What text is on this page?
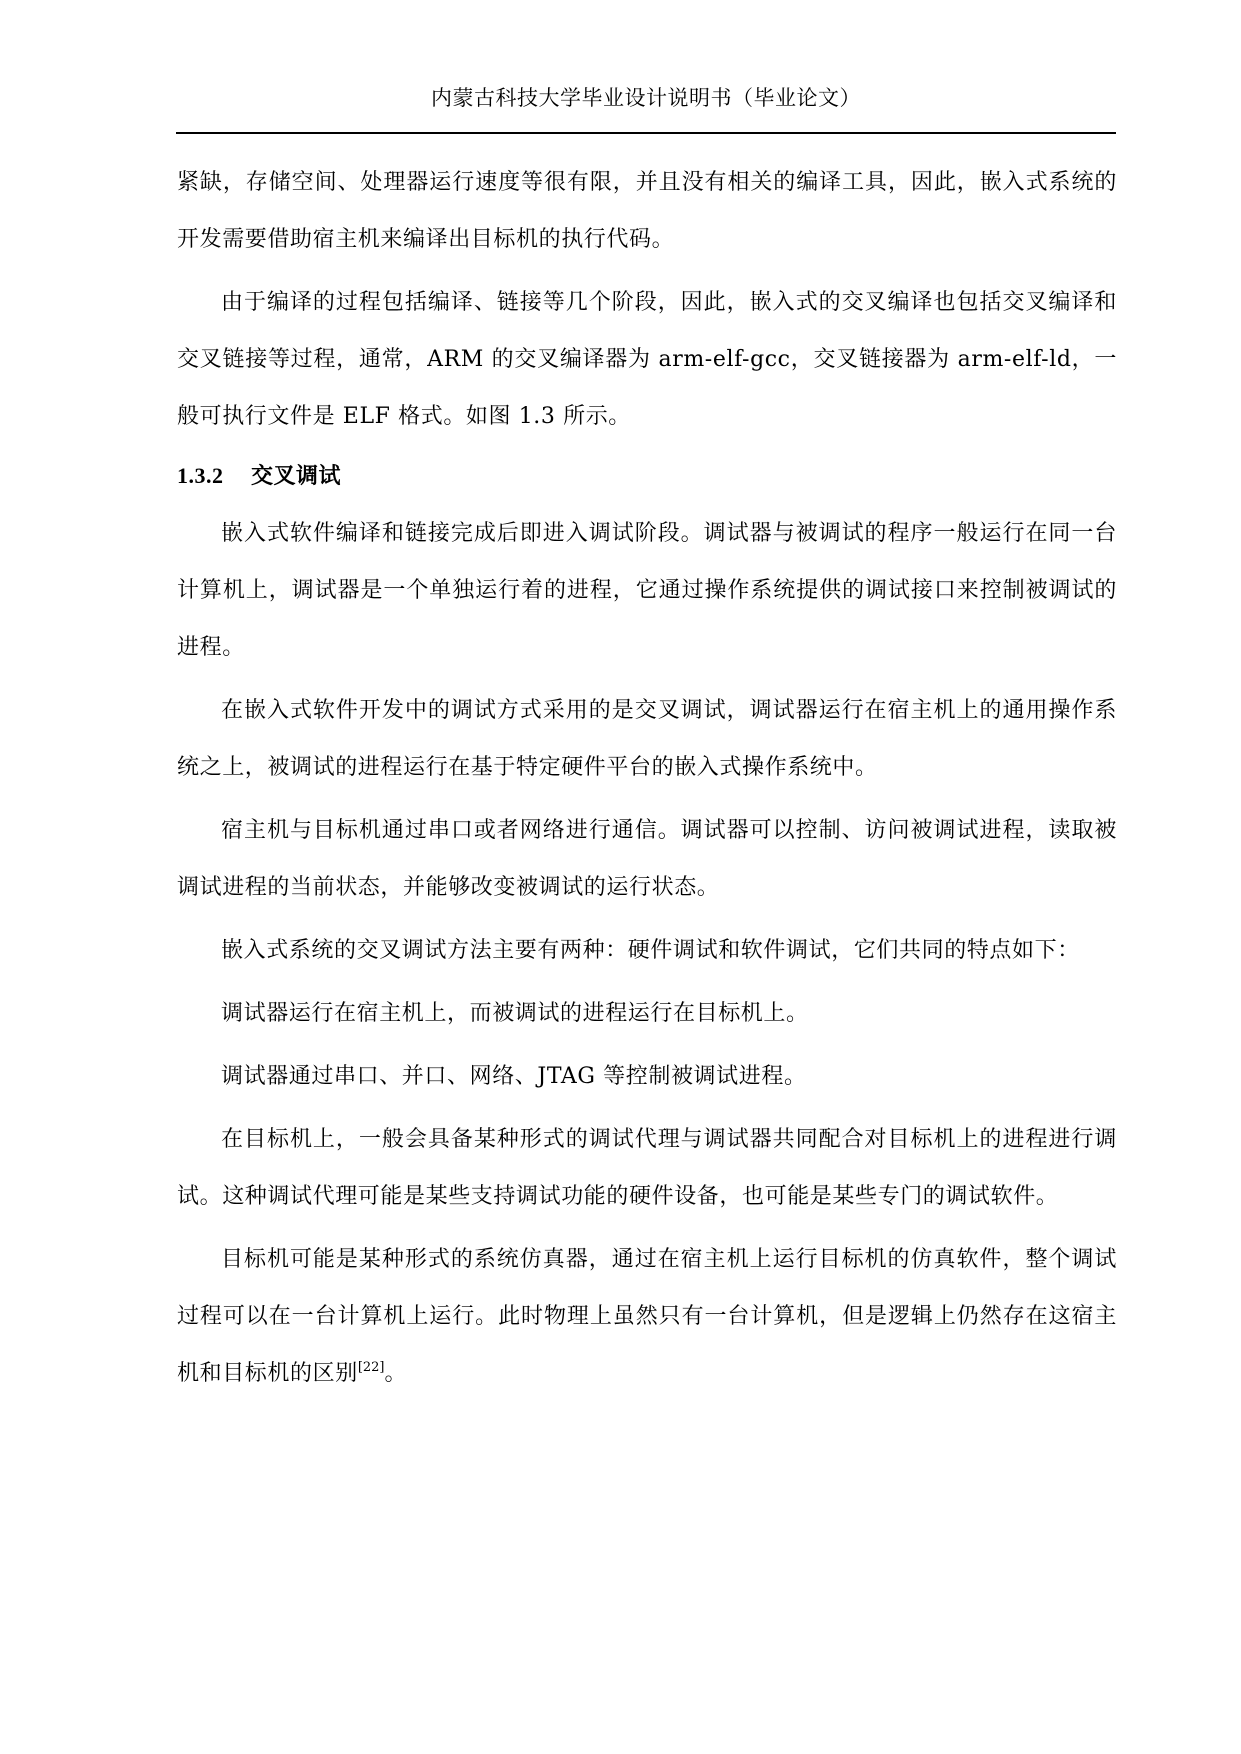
内蒙古科技大学毕业设计说明书（毕业论文）

紧缺，存储空间、处理器运行速度等很有限，并且没有相关的编译工具，因此，嵌入式系统的开发需要借助宿主机来编译出目标机的执行代码。

由于编译的过程包括编译、链接等几个阶段，因此，嵌入式的交叉编译也包括交叉编译和交叉链接等过程，通常，ARM 的交叉编译器为 arm-elf-gcc，交叉链接器为 arm-elf-ld，一般可执行文件是 ELF 格式。如图 1.3 所示。

1.3.2 交叉调试

嵌入式软件编译和链接完成后即进入调试阶段。调试器与被调试的程序一般运行在同一台计算机上，调试器是一个单独运行着的进程，它通过操作系统提供的调试接口来控制被调试的进程。

在嵌入式软件开发中的调试方式采用的是交叉调试，调试器运行在宿主机上的通用操作系统之上，被调试的进程运行在基于特定硬件平台的嵌入式操作系统中。

宿主机与目标机通过串口或者网络进行通信。调试器可以控制、访问被调试进程，读取被调试进程的当前状态，并能够改变被调试的运行状态。

嵌入式系统的交叉调试方法主要有两种：硬件调试和软件调试，它们共同的特点如下：

调试器运行在宿主机上，而被调试的进程运行在目标机上。

调试器通过串口、并口、网络、JTAG 等控制被调试进程。

在目标机上，一般会具备某种形式的调试代理与调试器共同配合对目标机上的进程进行调试。这种调试代理可能是某些支持调试功能的硬件设备，也可能是某些专门的调试软件。

目标机可能是某种形式的系统仿真器，通过在宿主机上运行目标机的仿真软件，整个调试过程可以在一台计算机上运行。此时物理上虽然只有一台计算机，但是逻辑上仍然存在这宿主机和目标机的区别[22]。
